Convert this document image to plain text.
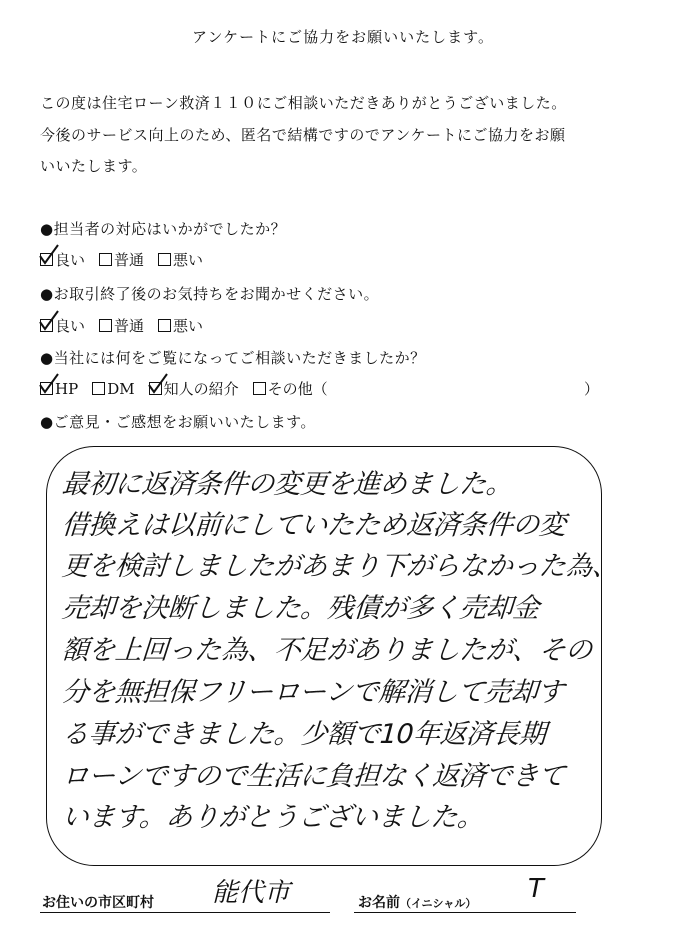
アンケートにご協力をお願いいたします。
この度は住宅ローン救済１１０にご相談いただきありがとうございました。
今後のサービス向上のため、匿名で結構ですのでアンケートにご協力をお願
いいたします。
●担当者の対応はいかがでしたか？
良い 普通 悪い
●お取引終了後のお気持ちをお聞かせください。
良い 普通 悪い
●当社には何をご覧になってご相談いただきましたか？
HP DM 知人の紹介 その他（	）
●ご意見・ご感想をお願いいたします。
最初に返済条件の変更を進めました。
借換えは以前にしていたため返済条件の変
更を検討しましたがあまり下がらなかった為、
売却を決断しました。残債が多く売却金
額を上回った為、不足がありましたが、その
分を無担保フリーローンで解消して売却す
る事ができました。少額で10年返済長期
ローンですので生活に負担なく返済できて
います。ありがとうございました。
お住いの市区町村 能代市	お名前（イニシャル） T
